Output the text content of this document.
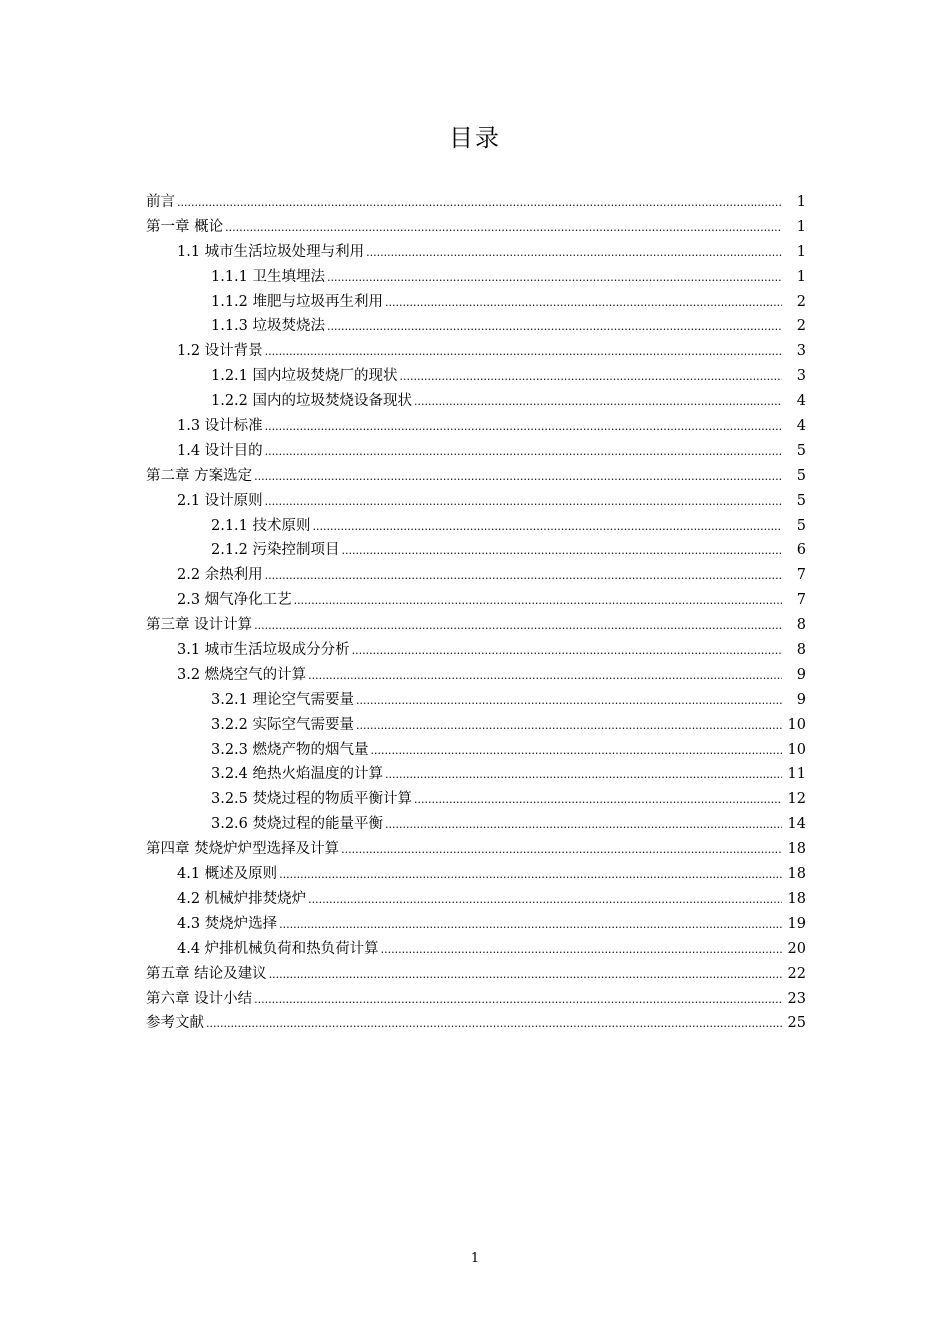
目录
前言 .....	1
第一章 概论 .....	1
1.1 城市生活垃圾处理与利用 .....	1
1.1.1 卫生填埋法 .....	1
1.1.2 堆肥与垃圾再生利用 .....	2
1.1.3 垃圾焚烧法 .....	2
1.2 设计背景 .....	3
1.2.1 国内垃圾焚烧厂的现状 .....	3
1.2.2 国内的垃圾焚烧设备现状 .....	4
1.3 设计标准 .....	4
1.4 设计目的 .....	5
第二章 方案选定 .....	5
2.1 设计原则 .....	5
2.1.1 技术原则 .....	5
2.1.2 污染控制项目 .....	6
2.2 余热利用 .....	7
2.3 烟气净化工艺 .....	7
第三章 设计计算 .....	8
3.1 城市生活垃圾成分分析 .....	8
3.2 燃烧空气的计算 .....	9
3.2.1 理论空气需要量 .....	9
3.2.2 实际空气需要量 .....	10
3.2.3 燃烧产物的烟气量 .....	10
3.2.4 绝热火焰温度的计算 .....	11
3.2.5 焚烧过程的物质平衡计算 .....	12
3.2.6 焚烧过程的能量平衡 .....	14
第四章 焚烧炉炉型选择及计算 .....	18
4.1 概述及原则 .....	18
4.2 机械炉排焚烧炉 .....	18
4.3 焚烧炉选择 .....	19
4.4 炉排机械负荷和热负荷计算 .....	20
第五章 结论及建议 .....	22
第六章 设计小结 .....	23
参考文献 .....	25
1
